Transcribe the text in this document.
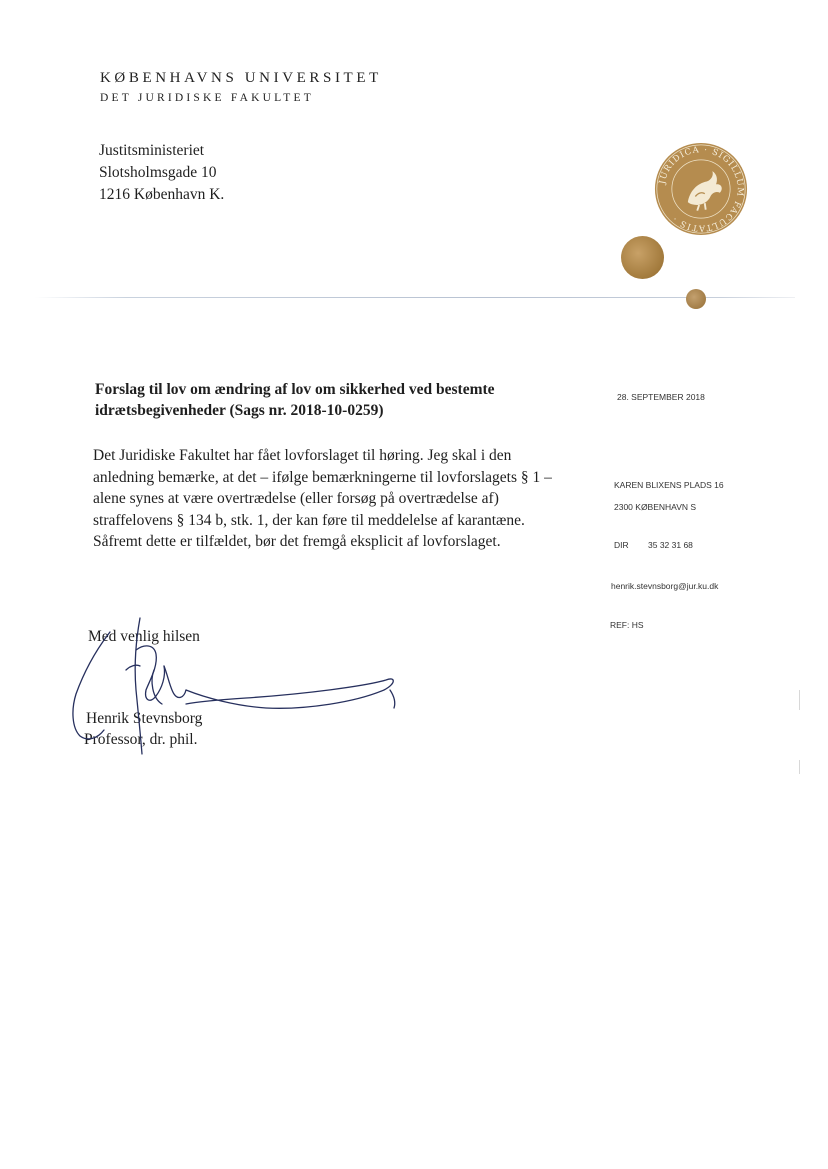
KØBENHAVNS UNIVERSITET
DET JURIDISKE FAKULTET
Justitsministeriet
Slotsholmsgade 10
1216 København K.
JURIDICA · SIGILLUM FACULTATIS ·
Forslag til lov om ændring af lov om sikkerhed ved bestemte
idrætsbegivenheder (Sags nr. 2018-10-0259)
28. SEPTEMBER 2018
Det Juridiske Fakultet har fået lovforslaget til høring. Jeg skal i den
anledning bemærke, at det – ifølge bemærkningerne til lovforslagets § 1 –
alene synes at være overtrædelse (eller forsøg på overtrædelse af)
straffelovens § 134 b, stk. 1, der kan føre til meddelelse af karantæne.
Såfremt dette er tilfældet, bør det fremgå eksplicit af lovforslaget.
KAREN BLIXENS PLADS 16
2300 KØBENHAVN S
DIR 35 32 31 68
henrik.stevnsborg@jur.ku.dk
REF: HS
Med venlig hilsen
Henrik Stevnsborg
Professor, dr. phil.
